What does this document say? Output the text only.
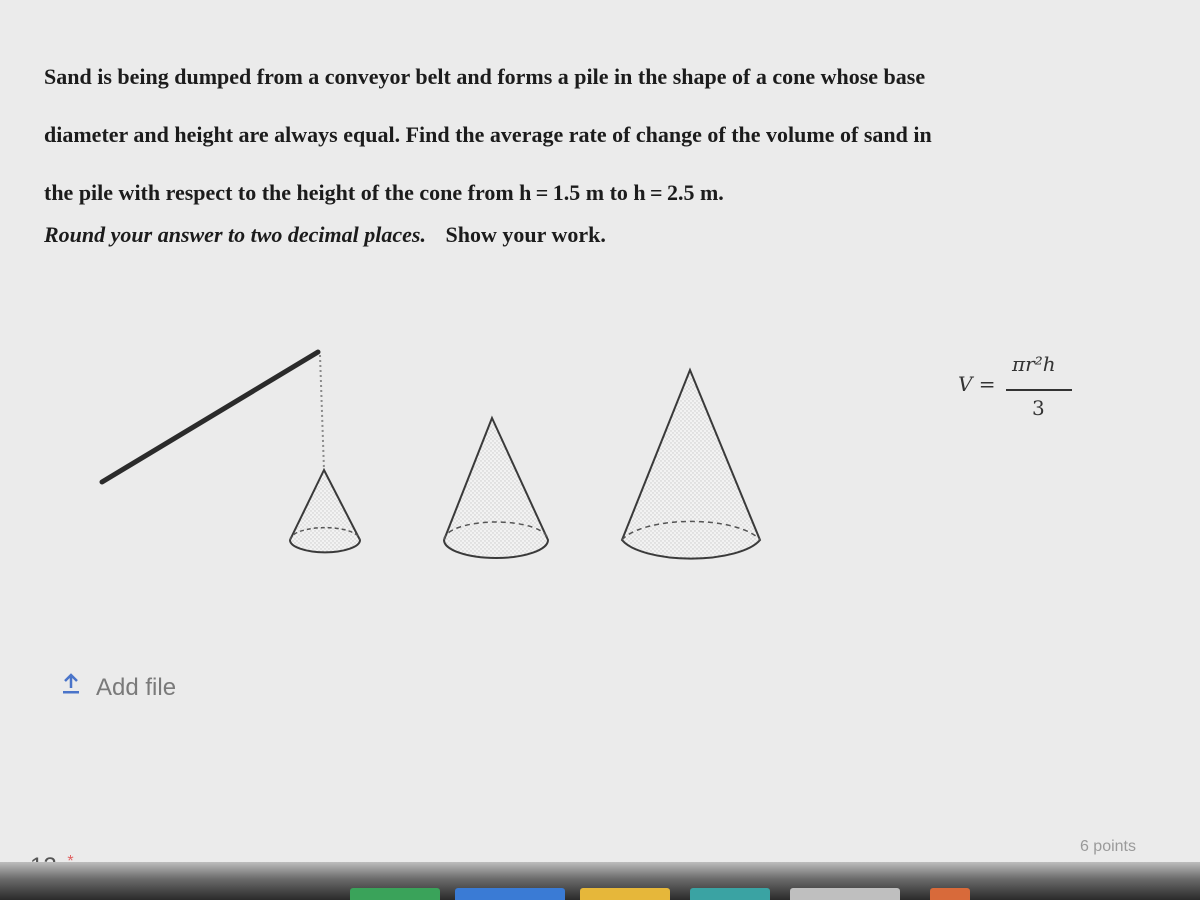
Sand is being dumped from a conveyor belt and forms a pile in the shape of a cone whose base
diameter and height are always equal. Find the average rate of change of the volume of sand in
the pile with respect to the height of the cone from h = 1.5 m to h = 2.5 m.
Round your answer to two decimal places. Show your work.
V =
πr²h
3
Add file
6 points
